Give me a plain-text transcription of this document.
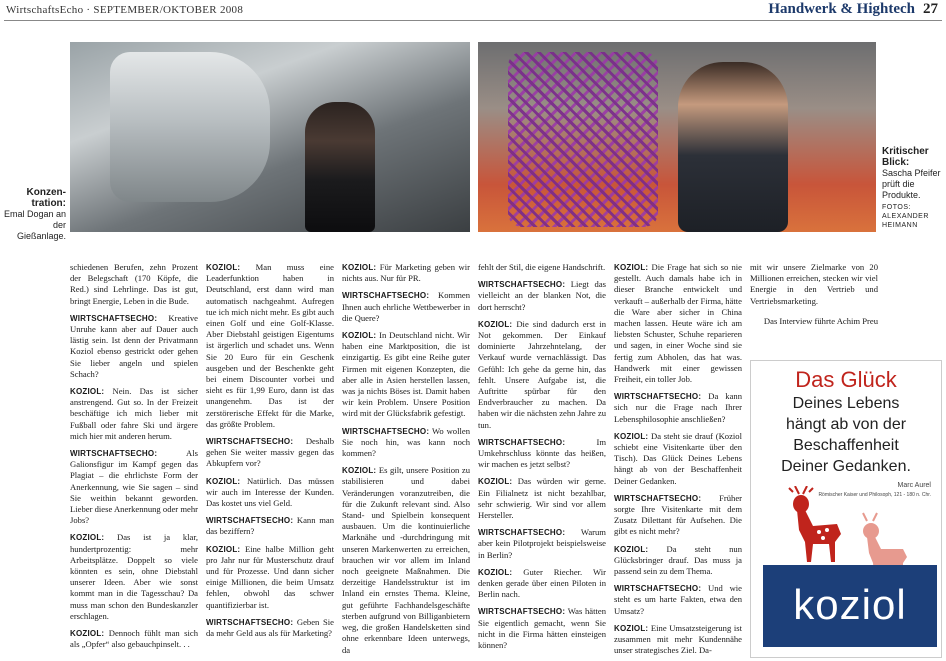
WirtschaftsEcho · SEPTEMBER/OKTOBER 2008	Handwerk & Hightech 27
Konzen-tration:
Emal Dogan an der Gießanlage.
Kritischer Blick:
Sascha Pfeifer prüft die Produkte.
FOTOS: ALEXANDER HEIMANN

schiedenen Berufen, zehn Prozent der Belegschaft (170 Köpfe, die Red.) sind Lehrlinge. Das ist gut, bringt Energie, Leben in die Bude.

WIRTSCHAFTSECHO: Kreative Unruhe kann aber auf Dauer auch lästig sein. Ist denn der Privatmann Koziol ebenso gestrickt oder gehen Sie lieber angeln und spielen Schach?

KOZIOL: Nein. Das ist sicher anstrengend. Gut so. In der Freizeit beschäftige ich mich lieber mit Fußball oder fahre Ski und ärgere mich hier mit anderen herum.

WIRTSCHAFTSECHO:	Als Galionsfigur im Kampf gegen das Plagiat – die ehrlichste Form der Anerkennung, wie Sie sagen – sind Sie weithin bekannt geworden. Lieber diese Anerkennung oder mehr Jobs?

KOZIOL: Das ist ja klar, hundertprozentig: mehr Arbeitsplätze. Doppelt so viele könnten es sein, ohne Diebstahl unserer Ideen. Aber wie sonst kommt man in die Tagesschau? Da muss man schon den Bundeskanzler erschlagen.

KOZIOL: Dennoch fühlt man sich als „Opfer“ also gebauchpinselt. . .

KOZIOL: Man muss eine Leaderfunktion haben in Deutschland, erst dann wird man automatisch nachgeahmt. Aufregen tue ich mich nicht mehr. Es gibt auch einen Golf und eine Golf-Klasse. Aber Diebstahl geistigen Eigentums ist ärgerlich und schadet uns. Wenn Sie 20 Euro für ein Geschenk ausgeben und der Beschenkte geht bei einem Discounter vorbei und sieht es für 1,99 Euro, dann ist das unangenehm. Das ist der zerstörerische Effekt für die Marke, das größte Problem.

WIRTSCHAFTSECHO: Deshalb gehen Sie weiter massiv gegen das Abkupfern vor?

KOZIOL: Natürlich. Das müssen wir auch im Interesse der Kunden. Das kostet uns viel Geld.

WIRTSCHAFTSECHO: Kann man das beziffern?

KOZIOL: Eine halbe Million geht pro Jahr nur für Musterschutz drauf und für Prozesse. Und dann sicher einige Millionen, die beim Umsatz fehlen, obwohl das schwer quantifizierbar ist.

WIRTSCHAFTSECHO: Geben Sie da mehr Geld aus als für Marketing?

KOZIOL: Für Marketing geben wir nichts aus. Nur für PR.

WIRTSCHAFTSECHO: Kommen Ihnen auch ehrliche Wettbewerber in die Quere?

KOZIOL: In Deutschland nicht. Wir haben eine Marktposition, die ist einzigartig. Es gibt eine Reihe guter Firmen mit eigenen Konzepten, die aber alle in Asien herstellen lassen, was ja nichts Böses ist. Damit haben wir kein Problem. Unsere Position wird mit der Glücksfabrik gefestigt.

WIRTSCHAFTSECHO: Wo wollen Sie noch hin, was kann noch kommen?

KOZIOL: Es gilt, unsere Position zu stabilisieren und dabei Veränderungen voranzutreiben, die für die Zukunft relevant sind. Also Stand- und Spielbein konsequent ausbauen. Um die kontinuierliche Marknähe und -durchdringung mit unseren Markenwerten zu erreichen, brauchen wir vor allem im Inland noch geeignete Maßnahmen. Die derzeitige Handelsstruktur ist im Inland ein ernstes Thema. Kleine, gut geführte Fachhandelsgeschäfte sterben aufgrund von Billiganbietern weg, die großen Handelsketten sind ohne erkennbare Ideen unterwegs, da

fehlt der Stil, die eigene Handschrift.

WIRTSCHAFTSECHO: Liegt das vielleicht an der blanken Not, die dort herrscht?

KOZIOL: Die sind dadurch erst in Not gekommen. Der Einkauf dominierte Jahrzehntelang, der Verkauf wurde vernachlässigt. Das Gefühl: Ich gehe da gerne hin, das fehlt. Unsere Aufgabe ist, die Auftritte spürbar für den Endverbraucher zu machen. Da haben wir die nächsten zehn Jahre zu tun.

WIRTSCHAFTSECHO:	Im Umkehrschluss könnte das heißen, wir machen es jetzt selbst?

KOZIOL: Das würden wir gerne. Ein Filialnetz ist nicht bezahlbar, sehr schwierig. Wir sind vor allem Hersteller.

WIRTSCHAFTSECHO: Warum aber kein Pilotprojekt beispielsweise in Berlin?

KOZIOL: Guter Riecher. Wir denken gerade über einen Piloten in Berlin nach.

WIRTSCHAFTSECHO: Was hätten Sie eigentlich gemacht, wenn Sie nicht in die Firma hätten einsteigen können?

KOZIOL: Die Frage hat sich so nie gestellt. Auch damals habe ich in dieser Branche entwickelt und verkauft – außerhalb der Firma, hätte die Ware aber sicher in China machen lassen. Heute wäre ich am liebsten Schuster, Schuhe reparieren und sagen, in einer Woche sind sie fertig zum Abholen, das hat was. Handwerk mit einer gewissen Freiheit, ein toller Job.

WIRTSCHAFTSECHO: Da kann sich nur die Frage nach Ihrer Lebensphilosophie anschließen?

KOZIOL: Da steht sie drauf (Koziol schiebt eine Visitenkarte über den Tisch). Das Glück Deines Lebens hängt ab von der Beschaffenheit Deiner Gedanken.

WIRTSCHAFTSECHO: Früher sorgte Ihre Visitenkarte mit dem Zusatz Dilettant für Aufsehen. Die gibt es nicht mehr?

KOZIOL: Da steht nun Glücksbringer drauf. Das muss ja passend sein zu dem Thema.

WIRTSCHAFTSECHO: Und wie steht es um harte Fakten, etwa den Umsatz?

KOZIOL: Eine Umsatzsteigerung ist zusammen mit mehr Kundennähe unser strategisches Ziel. Da-

mit wir unsere Zielmarke von 20 Millionen erreichen, stecken wir viel Energie in den Vertrieb und Vertriebsmarketing.

Das Interview führte Achim Preu

Das Glück
Deines Lebens
hängt ab von der
Beschaffenheit
Deiner Gedanken.
Marc Aurel
Römischer Kaiser und Philosoph, 121 - 180 n. Chr.
koziol
